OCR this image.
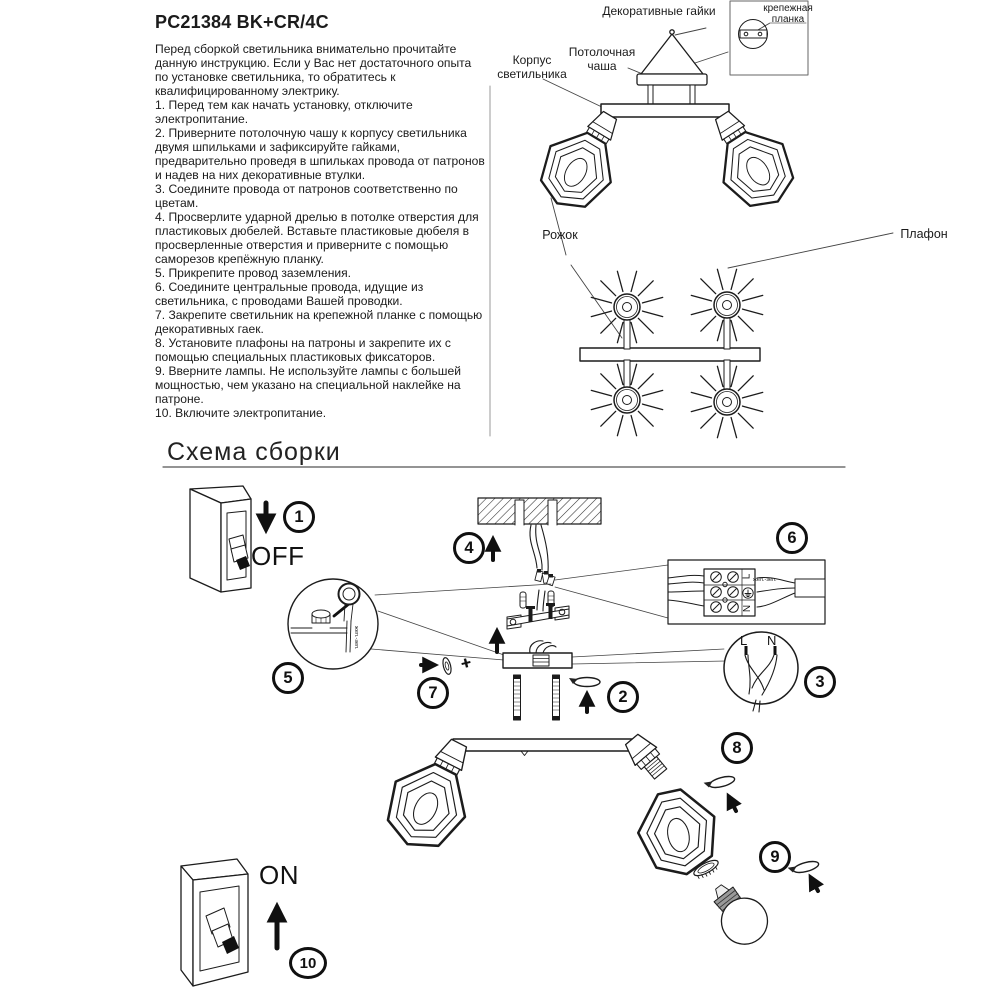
PC21384 BK+CR/4C

Перед сборкой светильника внимательно прочитайте данную инструкцию. Если у Вас нет достаточного опыта по установке светильника, то обратитесь к квалифицированному электрику.

1. Перед тем как начать установку, отключите электропитание.

2. Приверните потолочную чашу к корпусу светильника двумя шпильками и зафиксируйте гайками, предварительно проведя в шпильках провода от патронов и надев на них декоративные втулки.

3. Соедините провода от патронов соответственно по цветам.

4. Просверлите ударной дрелью в потолке отверстия для пластиковых дюбелей. Вставьте пластиковые дюбеля в просверленные отверстия и приверните с помощью саморезов крепёжную планку.

5. Прикрепите провод заземления.

6. Соедините центральные провода, идущие из светильника, с проводами Вашей проводки.

7. Закрепите светильник на крепежной планке с помощью декоративных гаек.

8. Установите плафоны на патроны и закрепите их с помощью специальных пластиковых фиксаторов.

9. Вверните лампы. Не используйте лампы с большей мощностью, чем указано на специальной наклейке на патроне.

10. Включите электропитание.

Декоративные гайки	крепежная планка
Потолочная чаша
Корпус светильника
Рожок	Плафон
Схема сборки
OFF
ON
L N
L
N
жел.-зел.
жел.-зел.
1
2
3
4
5
6
7
8
9
10
